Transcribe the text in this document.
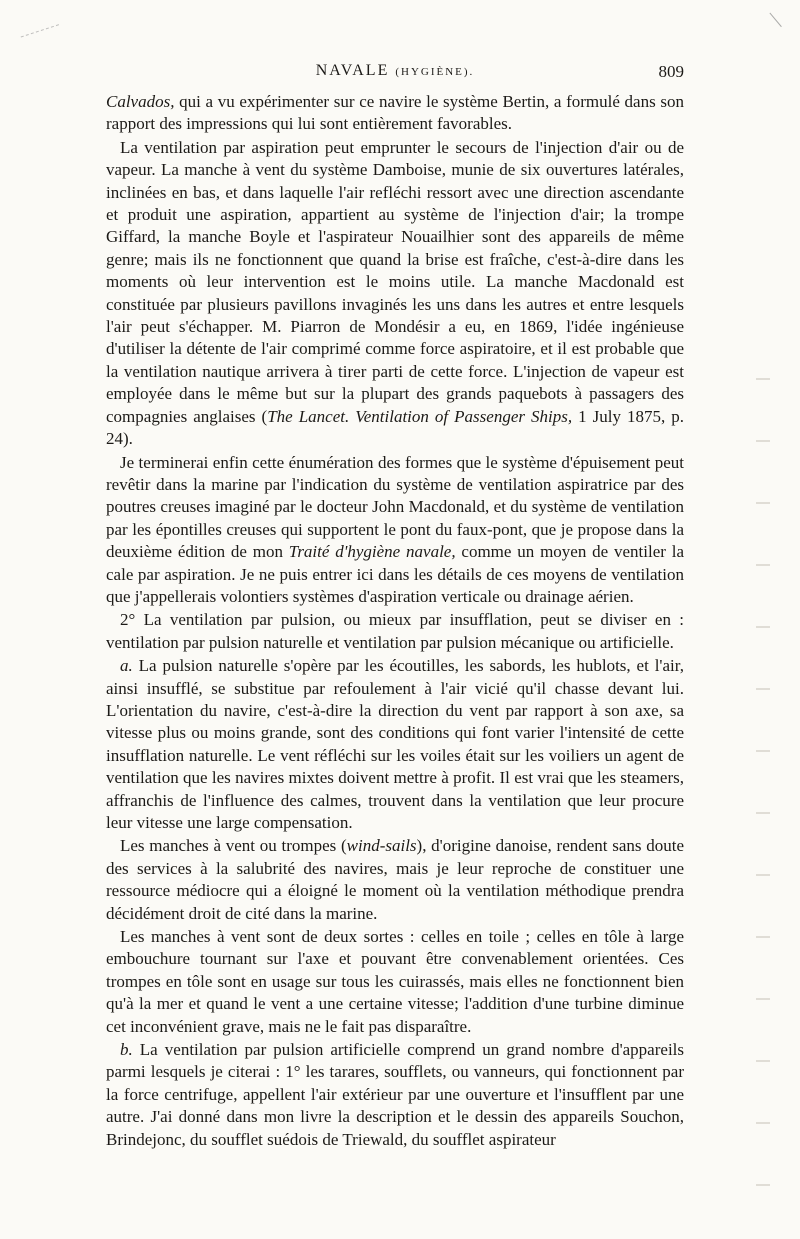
NAVALE (HYGIÈNE).	809

Calvados, qui a vu expérimenter sur ce navire le système Bertin, a formulé dans son rapport des impressions qui lui sont entièrement favorables.

La ventilation par aspiration peut emprunter le secours de l'injection d'air ou de vapeur. La manche à vent du système Damboise, munie de six ouvertures latérales, inclinées en bas, et dans laquelle l'air refléchi ressort avec une direction ascendante et produit une aspiration, appartient au système de l'injection d'air; la trompe Giffard, la manche Boyle et l'aspirateur Nouailhier sont des appareils de même genre; mais ils ne fonctionnent que quand la brise est fraîche, c'est-à-dire dans les moments où leur intervention est le moins utile. La manche Macdonald est constituée par plusieurs pavillons invaginés les uns dans les autres et entre lesquels l'air peut s'échapper. M. Piarron de Mondésir a eu, en 1869, l'idée ingénieuse d'utiliser la détente de l'air comprimé comme force aspiratoire, et il est probable que la ventilation nautique arrivera à tirer parti de cette force. L'injection de vapeur est employée dans le même but sur la plupart des grands paquebots à passagers des compagnies anglaises (The Lancet. Ventilation of Passenger Ships, 1 July 1875, p. 24).

Je terminerai enfin cette énumération des formes que le système d'épuisement peut revêtir dans la marine par l'indication du système de ventilation aspiratrice par des poutres creuses imaginé par le docteur John Macdonald, et du système de ventilation par les épontilles creuses qui supportent le pont du faux-pont, que je propose dans la deuxième édition de mon Traité d'hygiène navale, comme un moyen de ventiler la cale par aspiration. Je ne puis entrer ici dans les détails de ces moyens de ventilation que j'appellerais volontiers systèmes d'aspiration verticale ou drainage aérien.

2° La ventilation par pulsion, ou mieux par insufflation, peut se diviser en : ventilation par pulsion naturelle et ventilation par pulsion mécanique ou artificielle.

a. La pulsion naturelle s'opère par les écoutilles, les sabords, les hublots, et l'air, ainsi insufflé, se substitue par refoulement à l'air vicié qu'il chasse devant lui. L'orientation du navire, c'est-à-dire la direction du vent par rapport à son axe, sa vitesse plus ou moins grande, sont des conditions qui font varier l'intensité de cette insufflation naturelle. Le vent réfléchi sur les voiles était sur les voiliers un agent de ventilation que les navires mixtes doivent mettre à profit. Il est vrai que les steamers, affranchis de l'influence des calmes, trouvent dans la ventilation que leur procure leur vitesse une large compensation.

Les manches à vent ou trompes (wind-sails), d'origine danoise, rendent sans doute des services à la salubrité des navires, mais je leur reproche de constituer une ressource médiocre qui a éloigné le moment où la ventilation méthodique prendra décidément droit de cité dans la marine.

Les manches à vent sont de deux sortes : celles en toile ; celles en tôle à large embouchure tournant sur l'axe et pouvant être convenablement orientées. Ces trompes en tôle sont en usage sur tous les cuirassés, mais elles ne fonctionnent bien qu'à la mer et quand le vent a une certaine vitesse; l'addition d'une turbine diminue cet inconvénient grave, mais ne le fait pas disparaître.

b. La ventilation par pulsion artificielle comprend un grand nombre d'appareils parmi lesquels je citerai : 1° les tarares, soufflets, ou vanneurs, qui fonctionnent par la force centrifuge, appellent l'air extérieur par une ouverture et l'insufflent par une autre. J'ai donné dans mon livre la description et le dessin des appareils Souchon, Brindejonc, du soufflet suédois de Triewald, du soufflet aspirateur
